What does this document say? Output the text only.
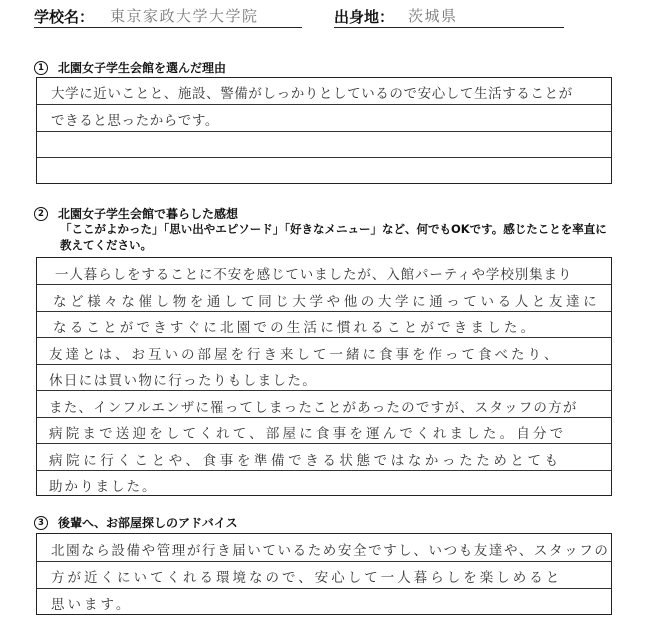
学校名： 東京家政大学大学院	出身地： 茨城県
1	北園女子学生会館を選んだ理由
大学に近いことと、施設、警備がしっかりとしているので安心して生活することが
できると思ったからです。
2	北園女子学生会館で暮らした感想
「ここがよかった」「思い出やエピソード」「好きなメニュー」など、何でもOKです。感じたことを率直に
教えてください。
一人暮らしをすることに不安を感じていましたが、入館パーティや学校別集まり
など様々な催し物を通して同じ大学や他の大学に通っている人と友達に
なることができすぐに北園での生活に慣れることができました。
友達とは、お互いの部屋を行き来して一緒に食事を作って食べたり、
休日には買い物に行ったりもしました。
また、インフルエンザに罹ってしまったことがあったのですが、スタッフの方が
病院まで送迎をしてくれて、部屋に食事を運んでくれました。自分で
病院に行くことや、食事を準備できる状態ではなかったためとても
助かりました。
3	後輩へ、お部屋探しのアドバイス
北園なら設備や管理が行き届いているため安全ですし、いつも友達や、スタッフの
方が近くにいてくれる環境なので、安心して一人暮らしを楽しめると
思います。
